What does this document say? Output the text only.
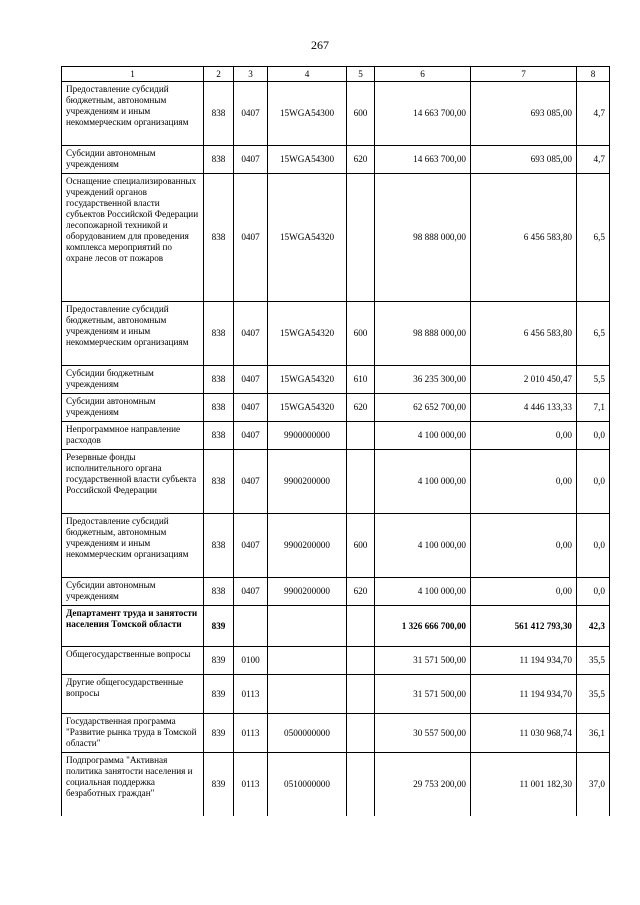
267
1	2	3	4	5	6	7	8
Предоставление субсидий бюджетным, автономным учреждениям и иным некоммерческим организациям	838	0407	15WGA54300	600	14 663 700,00	693 085,00	4,7
Субсидии автономным учреждениям	838	0407	15WGA54300	620	14 663 700,00	693 085,00	4,7
Оснащение специализированных учреждений органов государственной власти субъектов Российской Федерации лесопожарной техникой и оборудованием для проведения комплекса мероприятий по охране лесов от пожаров	838	0407	15WGA54320		98 888 000,00	6 456 583,80	6,5
Предоставление субсидий бюджетным, автономным учреждениям и иным некоммерческим организациям	838	0407	15WGA54320	600	98 888 000,00	6 456 583,80	6,5
Субсидии бюджетным учреждениям	838	0407	15WGA54320	610	36 235 300,00	2 010 450,47	5,5
Субсидии автономным учреждениям	838	0407	15WGA54320	620	62 652 700,00	4 446 133,33	7,1
Непрограммное направление расходов	838	0407	9900000000		4 100 000,00	0,00	0,0
Резервные фонды исполнительного органа государственной власти субъекта Российской Федерации	838	0407	9900200000		4 100 000,00	0,00	0,0
Предоставление субсидий бюджетным, автономным учреждениям и иным некоммерческим организациям	838	0407	9900200000	600	4 100 000,00	0,00	0,0
Субсидии автономным учреждениям	838	0407	9900200000	620	4 100 000,00	0,00	0,0
Департамент труда и занятости населения Томской области	839				1 326 666 700,00	561 412 793,30	42,3
Общегосударственные вопросы	839	0100			31 571 500,00	11 194 934,70	35,5
Другие общегосударственные вопросы	839	0113			31 571 500,00	11 194 934,70	35,5
Государственная программа "Развитие рынка труда в Томской области"	839	0113	0500000000		30 557 500,00	11 030 968,74	36,1
Подпрограмма "Активная политика занятости населения и социальная поддержка безработных граждан"	839	0113	0510000000		29 753 200,00	11 001 182,30	37,0
